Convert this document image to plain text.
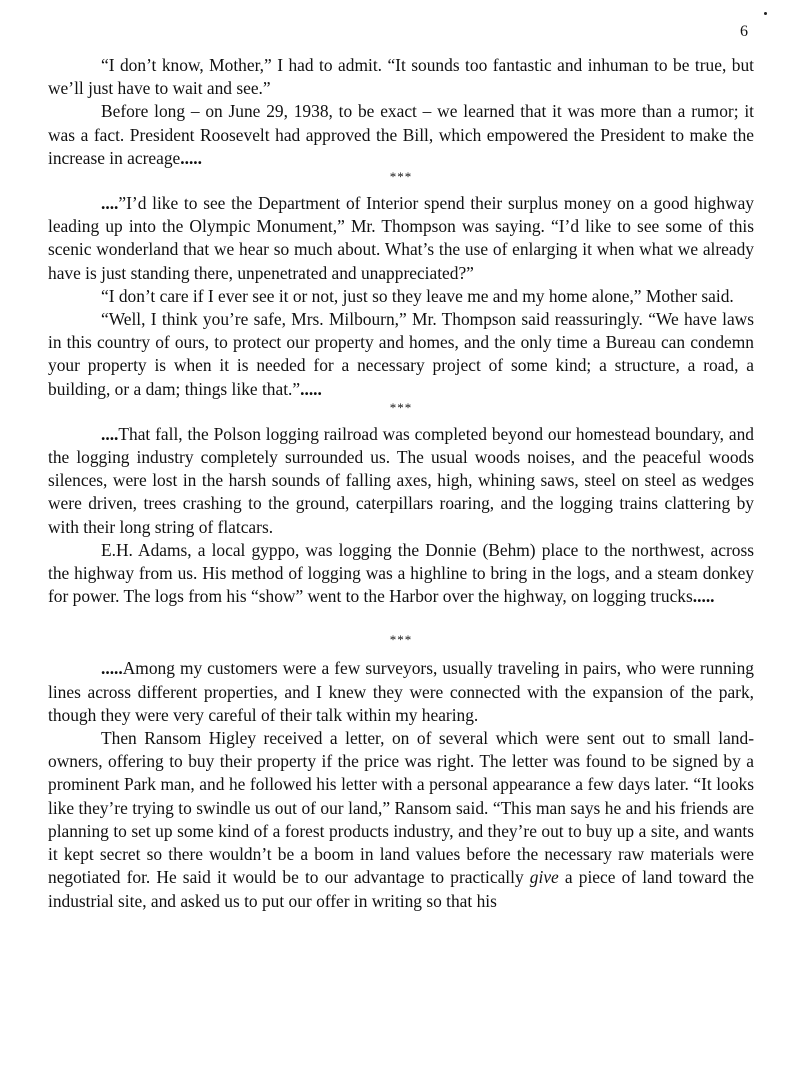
6

“I don’t know, Mother,” I had to admit. “It sounds too fantastic and inhuman to be true, but we’ll just have to wait and see.”

Before long – on June 29, 1938, to be exact – we learned that it was more than a rumor; it was a fact. President Roosevelt had approved the Bill, which empowered the President to make the increase in acreage.....

***

....”I’d like to see the Department of Interior spend their surplus money on a good highway leading up into the Olympic Monument,” Mr. Thompson was saying. “I’d like to see some of this scenic wonderland that we hear so much about. What’s the use of enlarging it when what we already have is just standing there, unpenetrated and unappreciated?”

“I don’t care if I ever see it or not, just so they leave me and my home alone,” Mother said.

“Well, I think you’re safe, Mrs. Milbourn,” Mr. Thompson said reassuringly. “We have laws in this country of ours, to protect our property and homes, and the only time a Bureau can condemn your property is when it is needed for a necessary project of some kind; a structure, a road, a building, or a dam; things like that.”.....

***

....That fall, the Polson logging railroad was completed beyond our homestead boundary, and the logging industry completely surrounded us. The usual woods noises, and the peaceful woods silences, were lost in the harsh sounds of falling axes, high, whining saws, steel on steel as wedges were driven, trees crashing to the ground, caterpillars roaring, and the logging trains clattering by with their long string of flatcars.

E.H. Adams, a local gyppo, was logging the Donnie (Behm) place to the northwest, across the highway from us. His method of logging was a highline to bring in the logs, and a steam donkey for power. The logs from his “show” went to the Harbor over the highway, on logging trucks.....

***

.....Among my customers were a few surveyors, usually traveling in pairs, who were running lines across different properties, and I knew they were connected with the expansion of the park, though they were very careful of their talk within my hearing.

Then Ransom Higley received a letter, on of several which were sent out to small land-owners, offering to buy their property if the price was right. The letter was found to be signed by a prominent Park man, and he followed his letter with a personal appearance a few days later. “It looks like they’re trying to swindle us out of our land,” Ransom said. “This man says he and his friends are planning to set up some kind of a forest products industry, and they’re out to buy up a site, and wants it kept secret so there wouldn’t be a boom in land values before the necessary raw materials were negotiated for. He said it would be to our advantage to practically give a piece of land toward the industrial site, and asked us to put our offer in writing so that his
